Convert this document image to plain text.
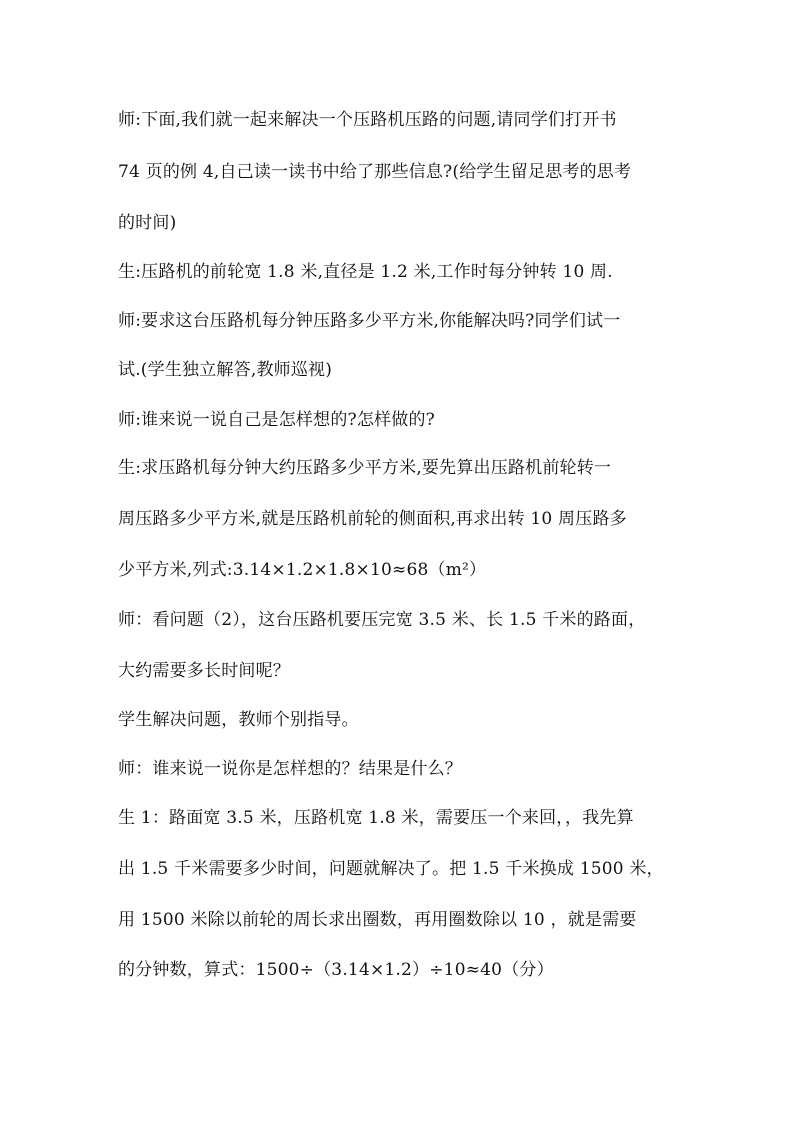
师:下面,我们就一起来解决一个压路机压路的问题,请同学们打开书
74 页的例 4,自己读一读书中给了那些信息?(给学生留足思考的思考
的时间)
生:压路机的前轮宽 1.8 米,直径是 1.2 米,工作时每分钟转 10 周.
师:要求这台压路机每分钟压路多少平方米,你能解决吗?同学们试一
试.(学生独立解答,教师巡视)
师:谁来说一说自己是怎样想的?怎样做的?
生:求压路机每分钟大约压路多少平方米,要先算出压路机前轮转一
周压路多少平方米,就是压路机前轮的侧面积,再求出转 10 周压路多
少平方米,列式:3.14×1.2×1.8×10≈68（m²）
师：看问题（2），这台压路机要压完宽 3.5 米、长 1.5 千米的路面，
大约需要多长时间呢？
学生解决问题，教师个别指导。
师：谁来说一说你是怎样想的？结果是什么？
生 1：路面宽 3.5 米，压路机宽 1.8 米，需要压一个来回，，我先算
出 1.5 千米需要多少时间，问题就解决了。把 1.5 千米换成 1500 米，
用 1500 米除以前轮的周长求出圈数，再用圈数除以 10 ，就是需要
的分钟数，算式：1500÷（3.14×1.2）÷10≈40（分）
